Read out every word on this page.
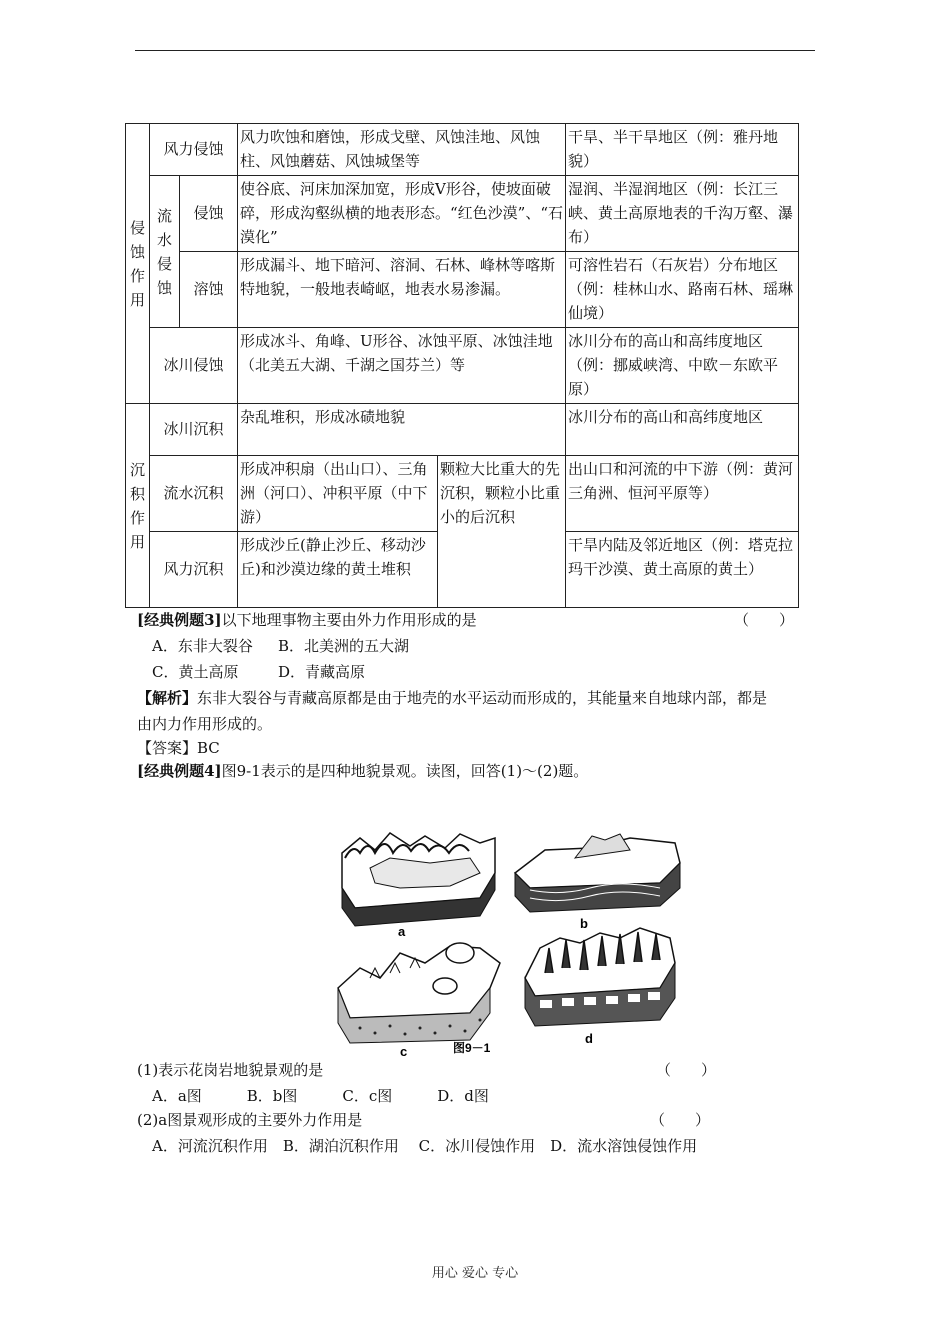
侵
蚀
作
用	风力侵蚀		风力吹蚀和磨蚀，形成戈壁、风蚀洼地、风蚀柱、风蚀蘑菇、风蚀城堡等		干旱、半干旱地区（例：雅丹地貌）

	流
水
侵
蚀	侵蚀	使谷底、河床加深加宽，形成V形谷，使坡面破碎，形成沟壑纵横的地表形态。“红色沙漠”、“石漠化”		湿润、半湿润地区（例：长江三峡、黄土高原地表的千沟万壑、瀑布）
		溶蚀	形成漏斗、地下暗河、溶洞、石林、峰林等喀斯特地貌，一般地表崎岖，地表水易渗漏。		可溶性岩石（石灰岩）分布地区（例：桂林山水、路南石林、瑶琳仙境）
	冰川侵蚀		形成冰斗、角峰、U形谷、冰蚀平原、冰蚀洼地（北美五大湖、千湖之国芬兰）等		冰川分布的高山和高纬度地区（例：挪威峡湾、中欧－东欧平原）

沉
积
作
用	冰川沉积		杂乱堆积，形成冰碛地貌		冰川分布的高山和高纬度地区
	流水沉积		形成冲积扇（出山口）、三角洲（河口）、冲积平原（中下游）	颗粒大比重大的先沉积，颗粒小比重小的后沉积	出山口和河流的中下游（例：黄河三角洲、恒河平原等）
	风力沉积		形成沙丘(静止沙丘、移动沙丘)和沙漠边缘的黄土堆积		干旱内陆及邻近地区（例：塔克拉玛干沙漠、黄土高原的黄土）
[经典例题3]以下地理事物主要由外力作用形成的是	（　　）
A．东非大裂谷 B．北美洲的五大湖
C．黄土高原	D．青藏高原
【解析】东非大裂谷与青藏高原都是由于地壳的水平运动而形成的，其能量来自地球内部，都是
由内力作用形成的。
【答案】BC
[经典例题4]图9-1表示的是四种地貌景观。读图，回答(1)～(2)题。
a
b
c
d
图9－1
(1)表示花岗岩地貌景观的是	（　　）
A．a图　　　B．b图　　　C．c图　　　D．d图
(2)a图景观形成的主要外力作用是	（　　）
A．河流沉积作用　B．湖泊沉积作用　 C．冰川侵蚀作用　D．流水溶蚀侵蚀作用
用心 爱心 专心
